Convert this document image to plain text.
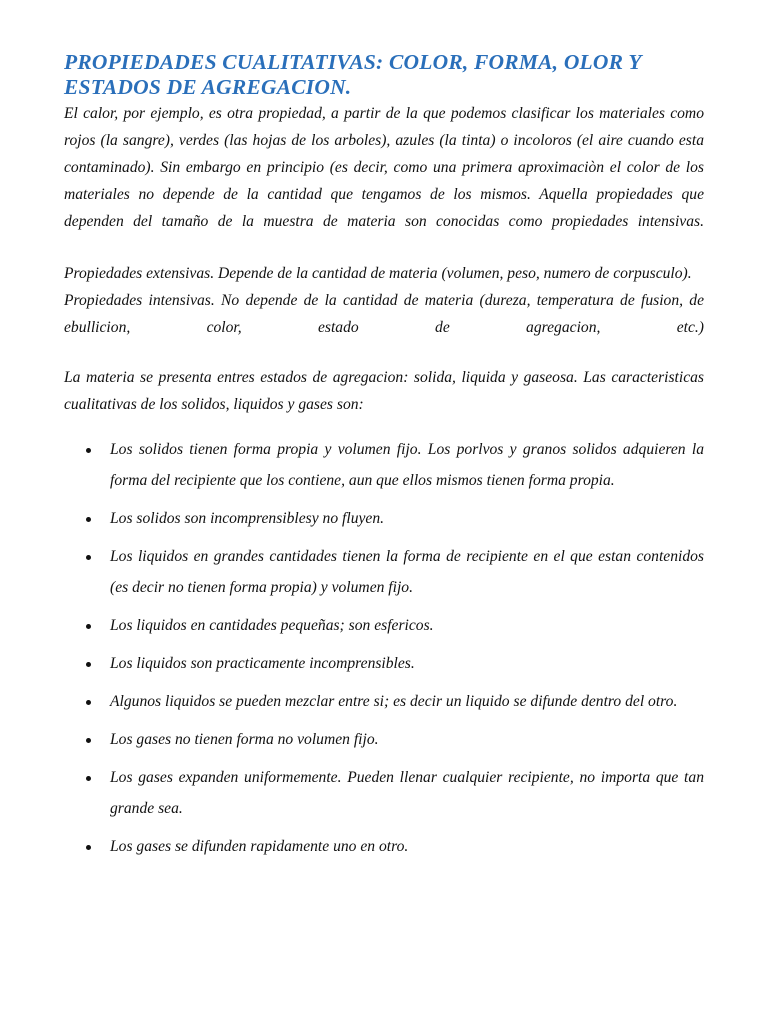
PROPIEDADES CUALITATIVAS: COLOR, FORMA, OLOR Y ESTADOS DE AGREGACION.

El calor, por ejemplo, es otra propiedad, a partir de la que podemos clasificar los materiales como rojos (la sangre), verdes (las hojas de los arboles), azules (la tinta) o incoloros (el aire cuando esta contaminado). Sin embargo en principio (es decir, como una primera aproximaciòn el color de los materiales no depende de la cantidad que tengamos de los mismos. Aquella propiedades que dependen del tamaño de la muestra de materia son conocidas como propiedades intensivas.

Propiedades extensivas. Depende de la cantidad de materia (volumen, peso, numero de corpusculo).

Propiedades intensivas. No depende de la cantidad de materia (dureza, temperatura de fusion, de ebullicion, color, estado de agregacion, etc.)

La materia se presenta entres estados de agregacion: solida, liquida y gaseosa. Las caracteristicas cualitativas de los solidos, liquidos y gases son:

Los solidos tienen forma propia y volumen fijo. Los porlvos y granos solidos adquieren la forma del recipiente que los contiene, aun que ellos mismos tienen forma propia.
Los solidos son incomprensiblesy no fluyen.
Los liquidos en grandes cantidades tienen la forma de recipiente en el que estan contenidos (es decir no tienen forma propia) y volumen fijo.
Los liquidos en cantidades pequeñas; son esfericos.
Los liquidos son practicamente incomprensibles.
Algunos liquidos se pueden mezclar entre si; es decir un liquido se difunde dentro del otro.
Los gases no tienen forma no volumen fijo.
Los gases expanden uniformemente. Pueden llenar cualquier recipiente, no importa que tan grande sea.
Los gases se difunden rapidamente uno en otro.
